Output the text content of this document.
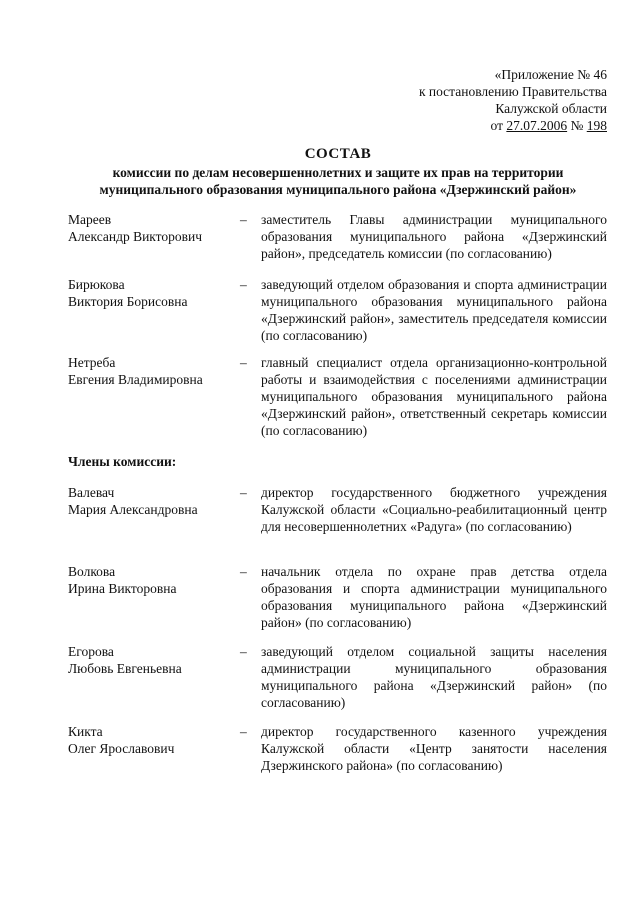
«Приложение № 46
к постановлению Правительства
Калужской области
от 27.07.2006 № 198
СОСТАВ
комиссии по делам несовершеннолетних и защите их прав на территории
муниципального образования муниципального района «Дзержинский район»
Мареев
Александр Викторович
–	заместитель Главы администрации муниципального образования муниципального района «Дзержинский район», председатель комиссии (по согласованию)
Бирюкова
Виктория Борисовна
–	заведующий отделом образования и спорта администрации муниципального образования муниципального района «Дзержинский район», заместитель председателя комиссии (по согласованию)
Нетреба
Евгения Владимировна
–	главный специалист отдела организационно-контрольной работы и взаимодействия с поселениями администрации муниципального образования муниципального района «Дзержинский район», ответственный секретарь комиссии (по согласованию)
Члены комиссии:
Валевач
Мария Александровна
–	директор государственного бюджетного учреждения Калужской области «Социально-реабилитационный центр для несовершеннолетних «Радуга» (по согласованию)
Волкова
Ирина Викторовна
–	начальник отдела по охране прав детства отдела образования и спорта администрации муниципального образования муниципального района «Дзержинский район» (по согласованию)
Егорова
Любовь Евгеньевна
–	заведующий отделом социальной защиты населения администрации муниципального образования муниципального района «Дзержинский район» (по согласованию)
Кикта
Олег Ярославович
–	директор государственного казенного учреждения Калужской области «Центр занятости населения Дзержинского района» (по согласованию)
